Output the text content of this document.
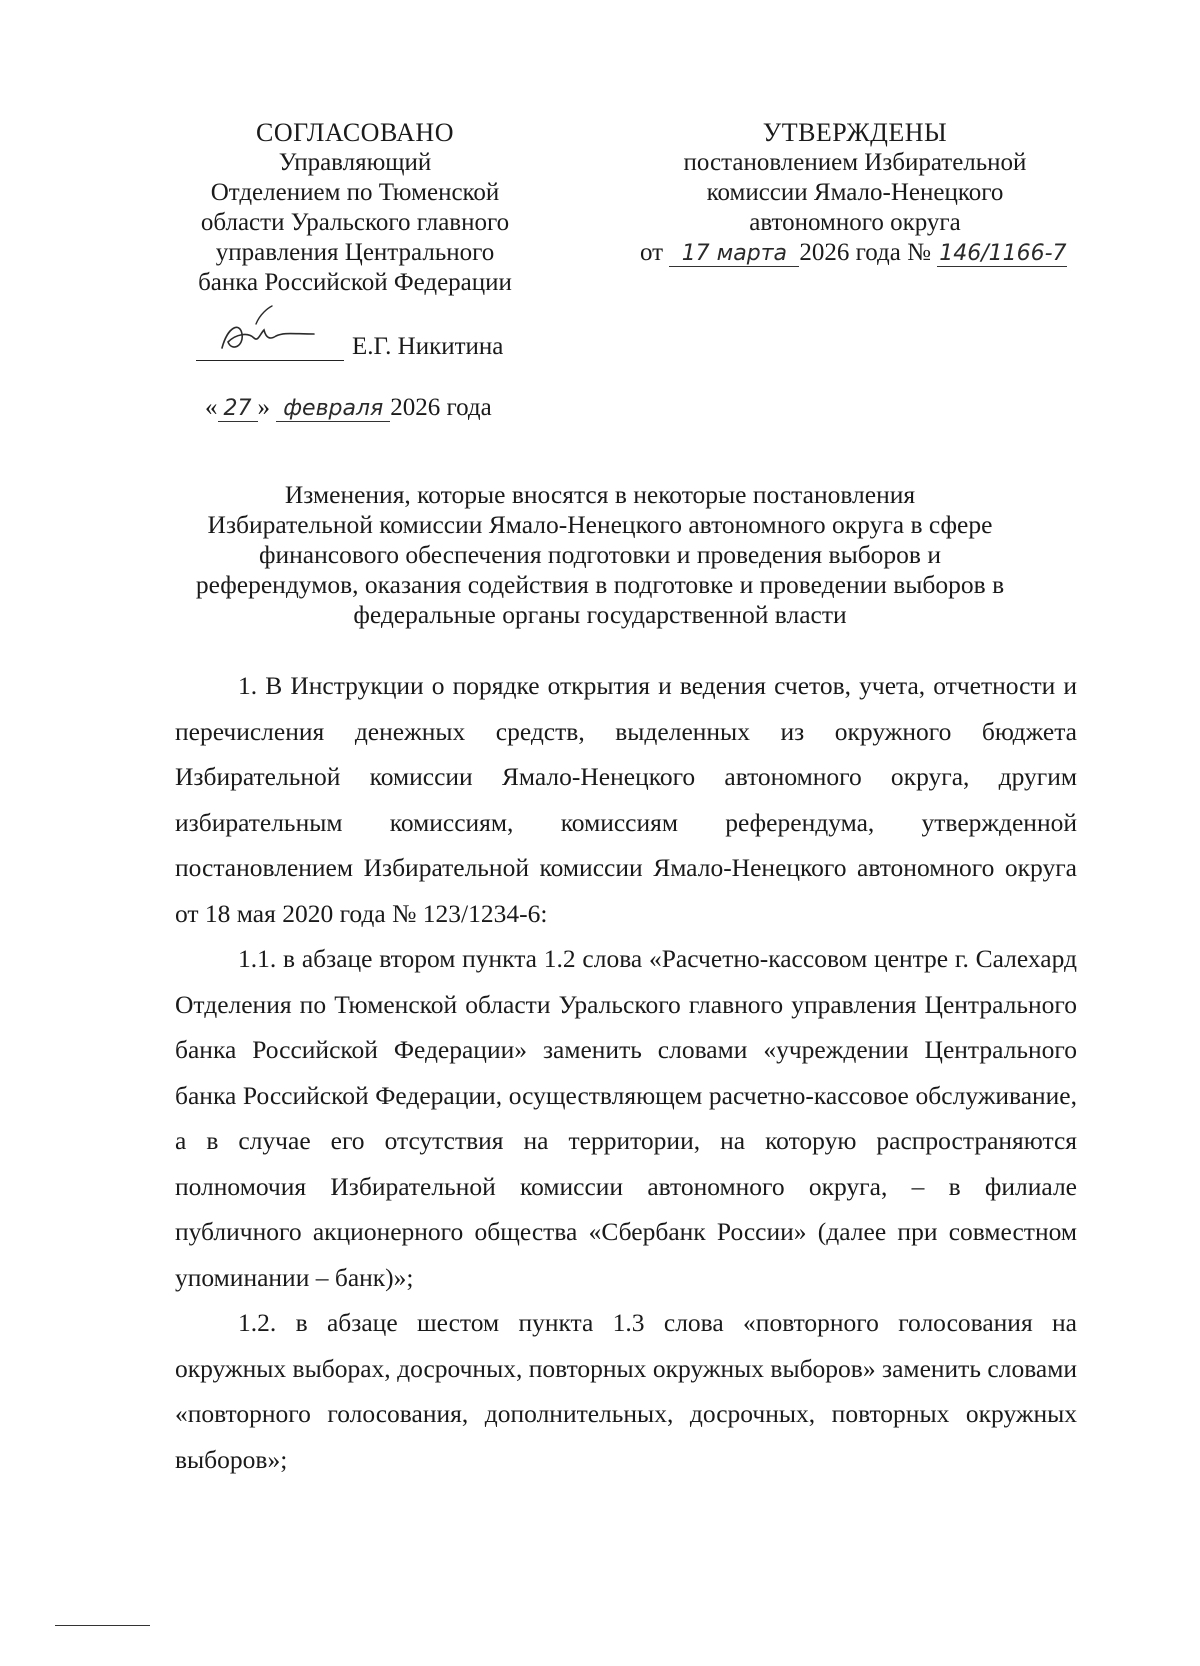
СОГЛАСОВАНО
Управляющий
Отделением по Тюменской
области Уральского главного
управления Центрального
банка Российской Федерации
Е.Г. Никитина
« 27 » февраля 2026 года
УТВЕРЖДЕНЫ
постановлением Избирательной
комиссии Ямало-Ненецкого
автономного округа
от 17 марта 2026 года № 146/1166-7
Изменения, которые вносятся в некоторые постановления
Избирательной комиссии Ямало-Ненецкого автономного округа в сфере
финансового обеспечения подготовки и проведения выборов и
референдумов, оказания содействия в подготовке и проведении выборов в
федеральные органы государственной власти

1. В Инструкции о порядке открытия и ведения счетов, учета, отчетности и перечисления денежных средств, выделенных из окружного бюджета Избирательной комиссии Ямало-Ненецкого автономного округа, другим избирательным комиссиям, комиссиям референдума, утвержденной постановлением Избирательной комиссии Ямало-Ненецкого автономного округа от 18 мая 2020 года № 123/1234-6:

1.1. в абзаце втором пункта 1.2 слова «Расчетно-кассовом центре г. Салехард Отделения по Тюменской области Уральского главного управления Центрального банка Российской Федерации» заменить словами «учреждении Центрального банка Российской Федерации, осуществляющем расчетно-кассовое обслуживание, а в случае его отсутствия на территории, на которую распространяются полномочия Избирательной комиссии автономного округа, – в филиале публичного акционерного общества «Сбербанк России» (далее при совместном упоминании – банк)»;

1.2. в абзаце шестом пункта 1.3 слова «повторного голосования на окружных выборах, досрочных, повторных окружных выборов» заменить словами «повторного голосования, дополнительных, досрочных, повторных окружных выборов»;
